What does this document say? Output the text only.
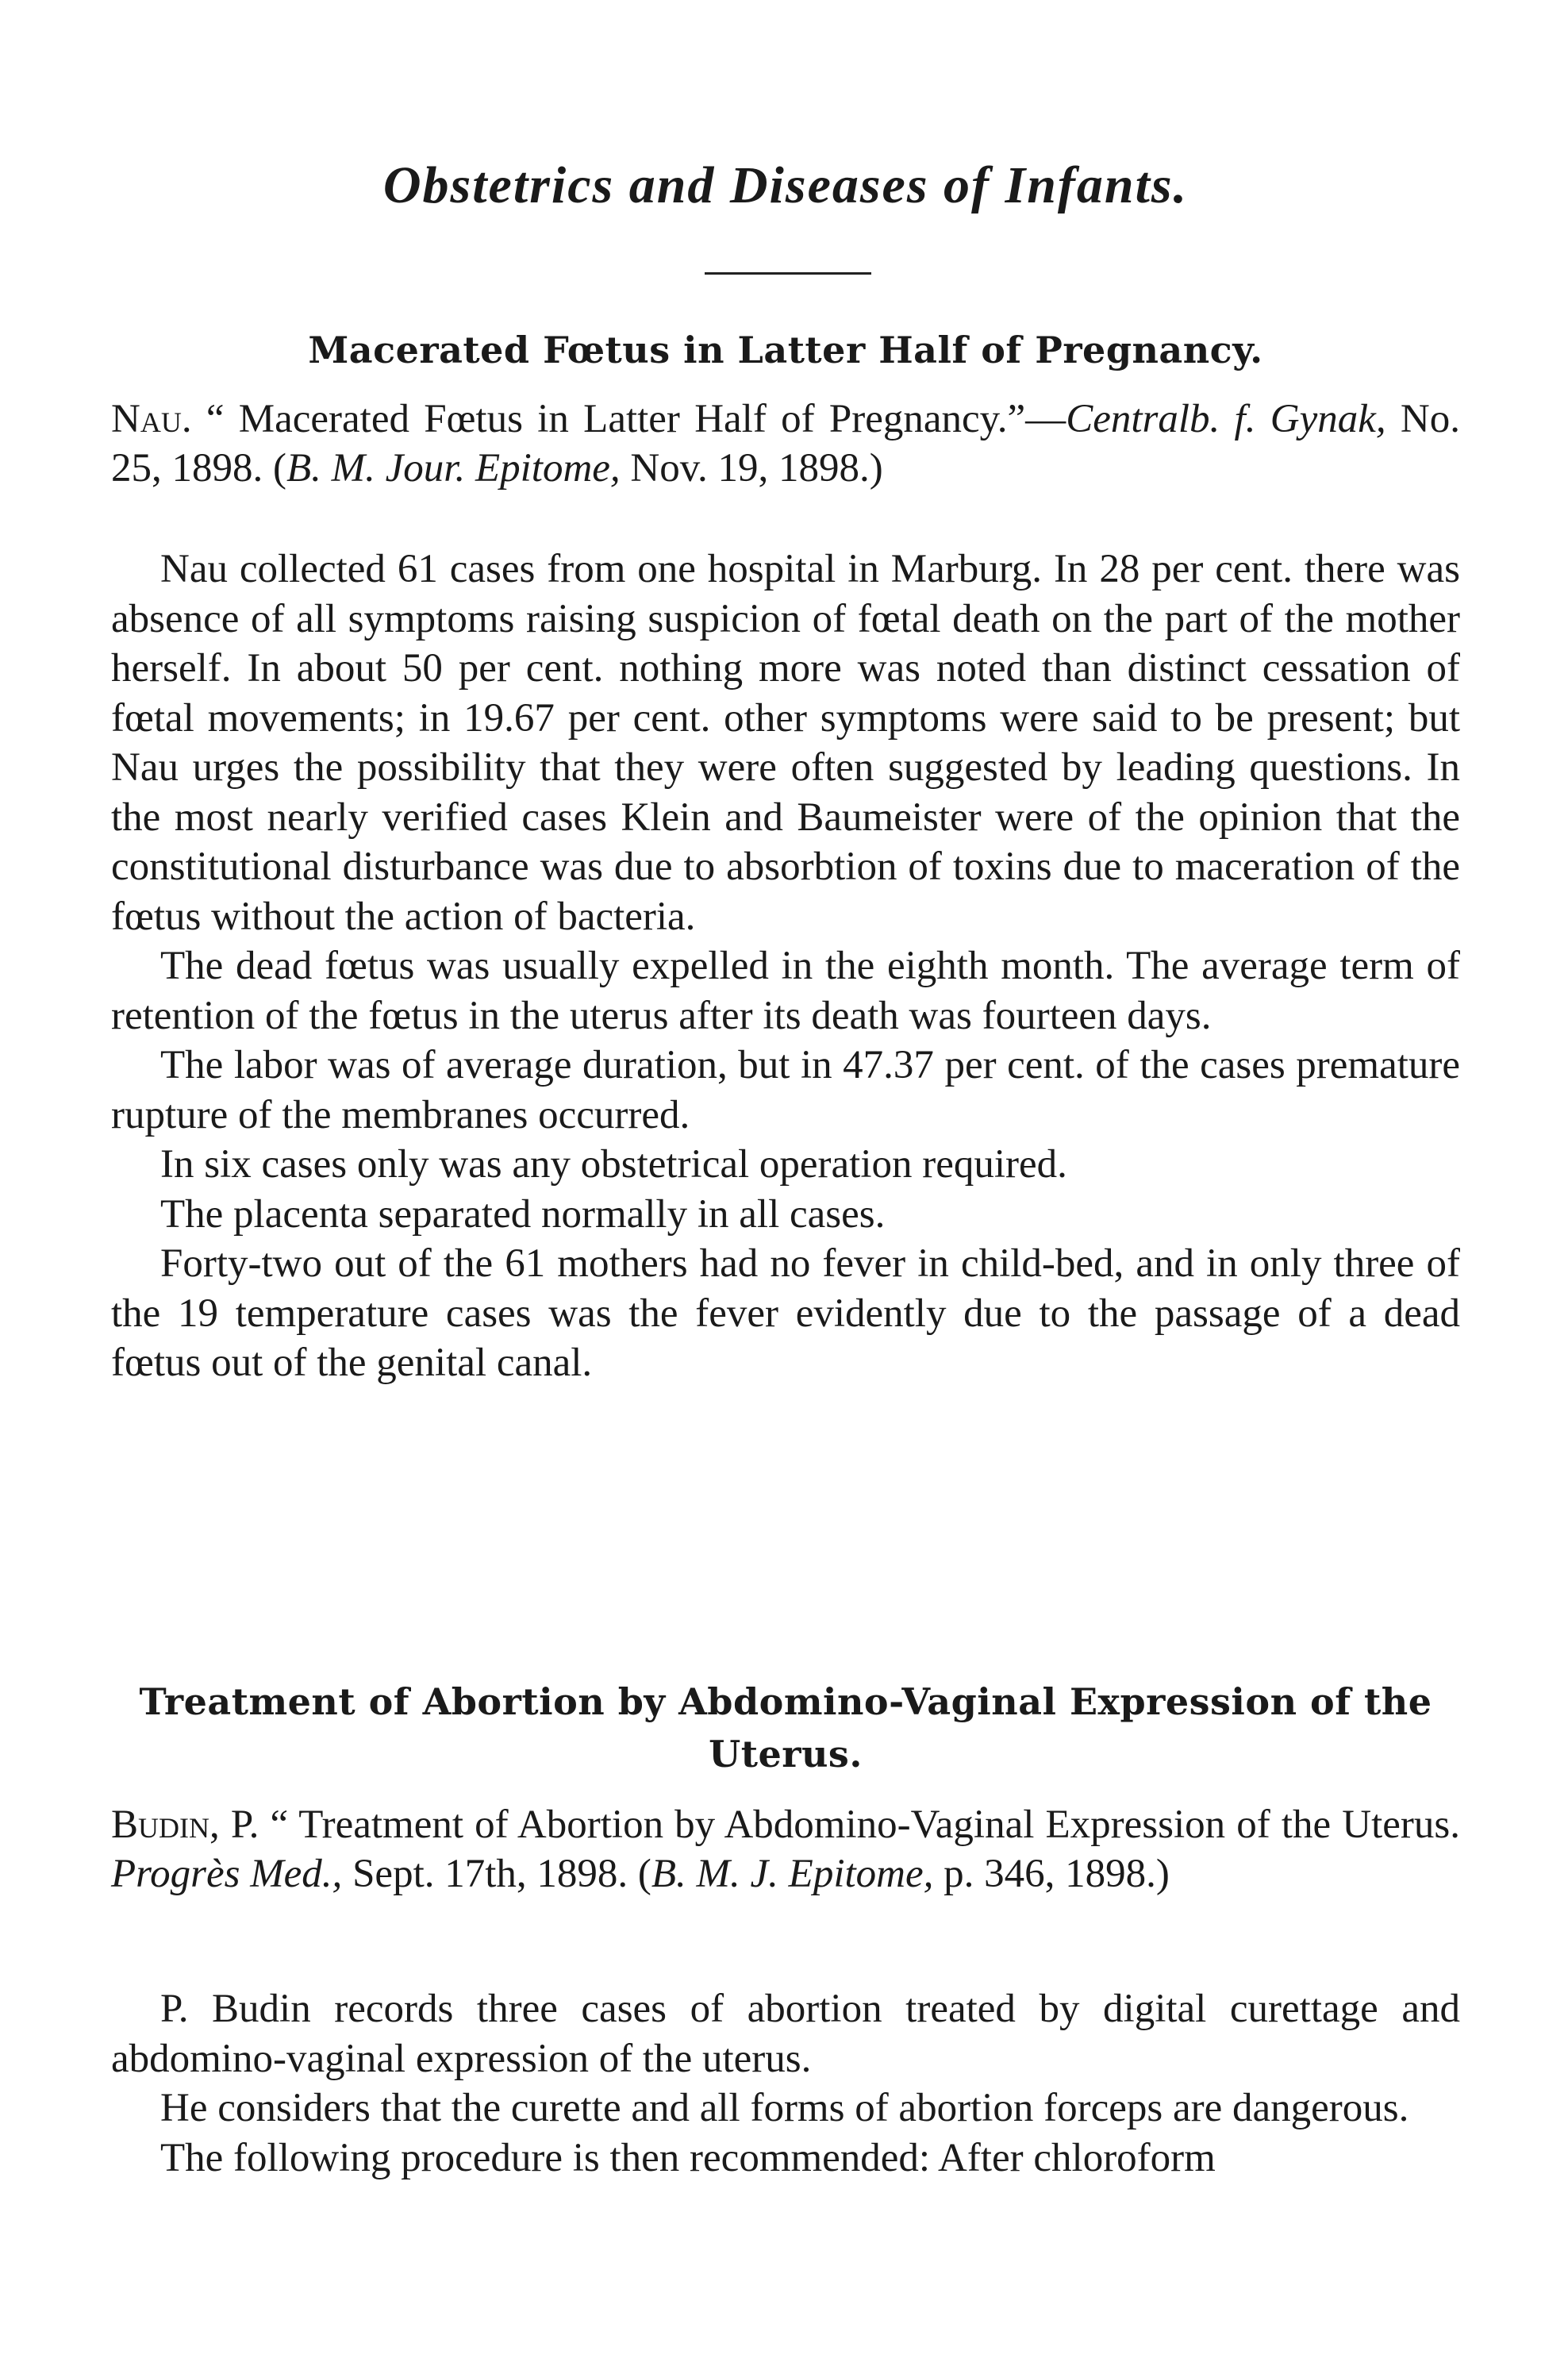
Obstetrics and Diseases of Infants.
Macerated Fœtus in Latter Half of Pregnancy.
Nau. “ Macerated Fœtus in Latter Half of Pregnancy.”—Centralb. f. Gynak, No. 25, 1898. (B. M. Jour. Epitome, Nov. 19, 1898.)

Nau collected 61 cases from one hospital in Marburg. In 28 per cent. there was absence of all symptoms raising suspicion of fœtal death on the part of the mother herself. In about 50 per cent. nothing more was noted than distinct cessation of fœtal movements; in 19.67 per cent. other symptoms were said to be present; but Nau urges the possibility that they were often suggested by leading questions. In the most nearly verified cases Klein and Baumeister were of the opinion that the constitutional disturbance was due to absorbtion of toxins due to maceration of the fœtus without the action of bacteria.

The dead fœtus was usually expelled in the eighth month. The average term of retention of the fœtus in the uterus after its death was fourteen days.

The labor was of average duration, but in 47.37 per cent. of the cases premature rupture of the membranes occurred.

In six cases only was any obstetrical operation required.

The placenta separated normally in all cases.

Forty-two out of the 61 mothers had no fever in child-bed, and in only three of the 19 temperature cases was the fever evidently due to the passage of a dead fœtus out of the genital canal.

Treatment of Abortion by Abdomino-Vaginal Expression of the Uterus.
Budin, P. “ Treatment of Abortion by Abdomino-Vaginal Expression of the Uterus. Progrès Med., Sept. 17th, 1898. (B. M. J. Epitome, p. 346, 1898.)

P. Budin records three cases of abortion treated by digital curettage and abdomino-vaginal expression of the uterus.

He considers that the curette and all forms of abortion forceps are dangerous.

The following procedure is then recommended: After chloroform
